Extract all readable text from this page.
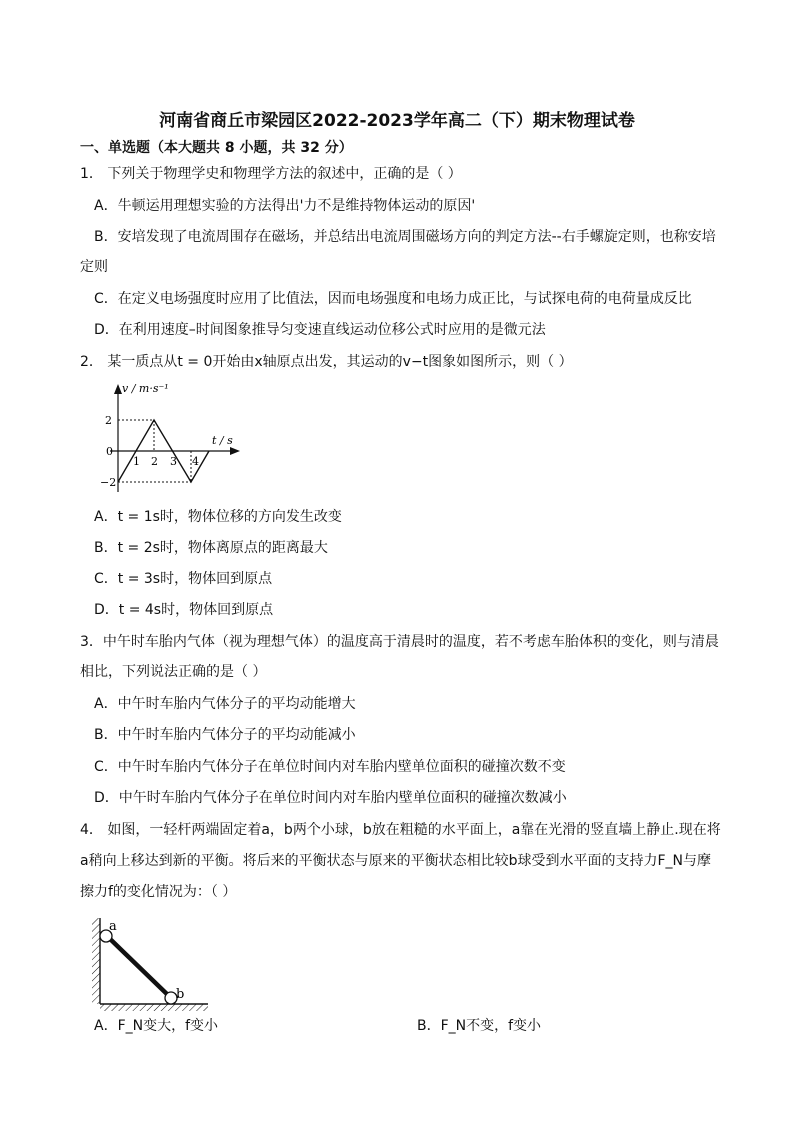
河南省商丘市梁园区2022-2023学年高二（下）期末物理试卷
一、单选题（本大题共 8 小题，共 32 分）
1． 下列关于物理学史和物理学方法的叙述中，正确的是（ ）
A．牛顿运用理想实验的方法得出'力不是维持物体运动的原因'
B．安培发现了电流周围存在磁场，并总结出电流周围磁场方向的判定方法--右手螺旋定则，也称安培
定则
C．在定义电场强度时应用了比值法，因而电场强度和电场力成正比，与试探电荷的电荷量成反比
D．在利用速度–时间图象推导匀变速直线运动位移公式时应用的是微元法
2． 某一质点从t = 0开始由x轴原点出发，其运动的v−t图象如图所示，则（ ）
v / m·s⁻¹
t / s
2
0
−2
1 2 3 4
A．t = 1s时，物体位移的方向发生改变
B．t = 2s时，物体离原点的距离最大
C．t = 3s时，物体回到原点
D．t = 4s时，物体回到原点
3．中午时车胎内气体（视为理想气体）的温度高于清晨时的温度，若不考虑车胎体积的变化，则与清晨
相比，下列说法正确的是（ ）
A．中午时车胎内气体分子的平均动能增大
B．中午时车胎内气体分子的平均动能减小
C．中午时车胎内气体分子在单位时间内对车胎内壁单位面积的碰撞次数不变
D．中午时车胎内气体分子在单位时间内对车胎内壁单位面积的碰撞次数减小
4． 如图，一轻杆两端固定着a，b两个小球，b放在粗糙的水平面上，a靠在光滑的竖直墙上静止.现在将
a稍向上移达到新的平衡。将后来的平衡状态与原来的平衡状态相比较b球受到水平面的支持力F_N与摩
擦力f的变化情况为：（ ）
a
b
A．F_N变大，f变小	B．F_N不变，f变小
